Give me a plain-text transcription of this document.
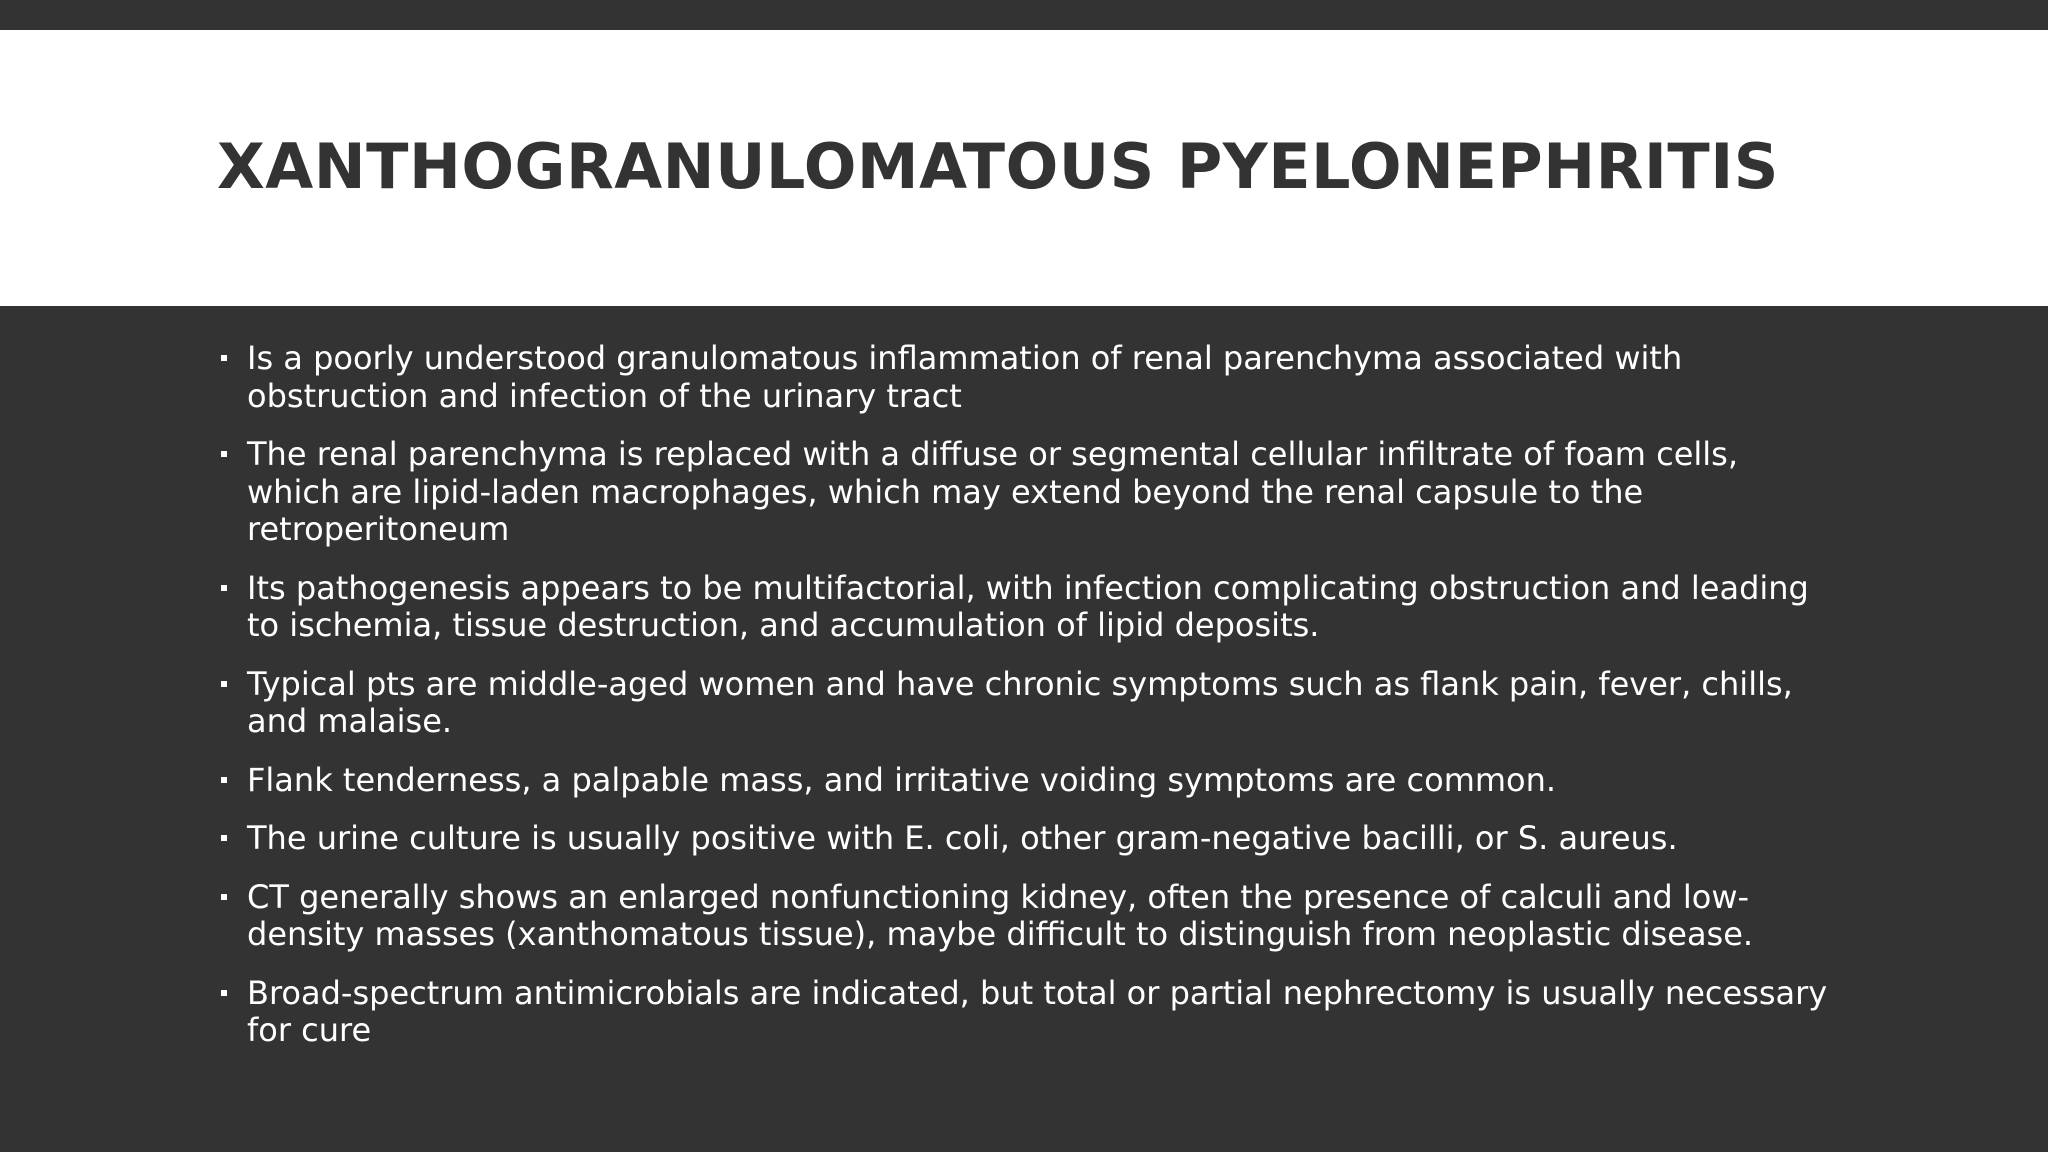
XANTHOGRANULOMATOUS PYELONEPHRITIS
Is a poorly understood granulomatous inflammation of renal parenchyma associated with obstruction and infection of the urinary tract
The renal parenchyma is replaced with a diffuse or segmental cellular infiltrate of foam cells, which are lipid-laden macrophages, which may extend beyond the renal capsule to the retroperitoneum
Its pathogenesis appears to be multifactorial, with infection complicating obstruction and leading to ischemia, tissue destruction, and accumulation of lipid deposits.
Typical pts are middle-aged women and have chronic symptoms such as flank pain, fever, chills, and malaise.
Flank tenderness, a palpable mass, and irritative voiding symptoms are common.
The urine culture is usually positive with E. coli, other gram-negative bacilli, or S. aureus.
CT generally shows an enlarged nonfunctioning kidney, often the presence of calculi and low-density masses (xanthomatous tissue), maybe difficult to distinguish from neoplastic disease.
Broad-spectrum antimicrobials are indicated, but total or partial nephrectomy is usually necessary for cure
